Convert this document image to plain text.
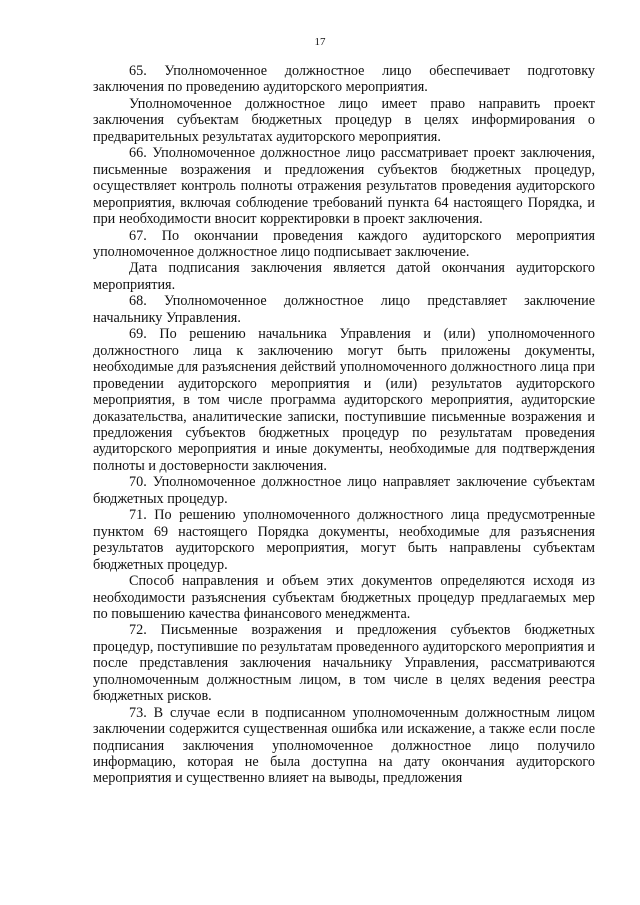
17

65. Уполномоченное должностное лицо обеспечивает подготовку заключения по проведению аудиторского мероприятия.

Уполномоченное должностное лицо имеет право направить проект заключения субъектам бюджетных процедур в целях информирования о предварительных результатах аудиторского мероприятия.

66. Уполномоченное должностное лицо рассматривает проект заключения, письменные возражения и предложения субъектов бюджетных процедур, осуществляет контроль полноты отражения результатов проведения аудиторского мероприятия, включая соблюдение требований пункта 64 настоящего Порядка, и при необходимости вносит корректировки в проект заключения.

67. По окончании проведения каждого аудиторского мероприятия уполномоченное должностное лицо подписывает заключение.

Дата подписания заключения является датой окончания аудиторского мероприятия.

68. Уполномоченное должностное лицо представляет заключение начальнику Управления.

69. По решению начальника Управления и (или) уполномоченного должностного лица к заключению могут быть приложены документы, необходимые для разъяснения действий уполномоченного должностного лица при проведении аудиторского мероприятия и (или) результатов аудиторского мероприятия, в том числе программа аудиторского мероприятия, аудиторские доказательства, аналитические записки, поступившие письменные возражения и предложения субъектов бюджетных процедур по результатам проведения аудиторского мероприятия и иные документы, необходимые для подтверждения полноты и достоверности заключения.

70. Уполномоченное должностное лицо направляет заключение субъектам бюджетных процедур.

71. По решению уполномоченного должностного лица предусмотренные пунктом 69 настоящего Порядка документы, необходимые для разъяснения результатов аудиторского мероприятия, могут быть направлены субъектам бюджетных процедур.

Способ направления и объем этих документов определяются исходя из необходимости разъяснения субъектам бюджетных процедур предлагаемых мер по повышению качества финансового менеджмента.

72. Письменные возражения и предложения субъектов бюджетных процедур, поступившие по результатам проведенного аудиторского мероприятия и после представления заключения начальнику Управления, рассматриваются уполномоченным должностным лицом, в том числе в целях ведения реестра бюджетных рисков.

73. В случае если в подписанном уполномоченным должностным лицом заключении содержится существенная ошибка или искажение, а также если после подписания заключения уполномоченное должностное лицо получило информацию, которая не была доступна на дату окончания аудиторского мероприятия и существенно влияет на выводы, предложения
